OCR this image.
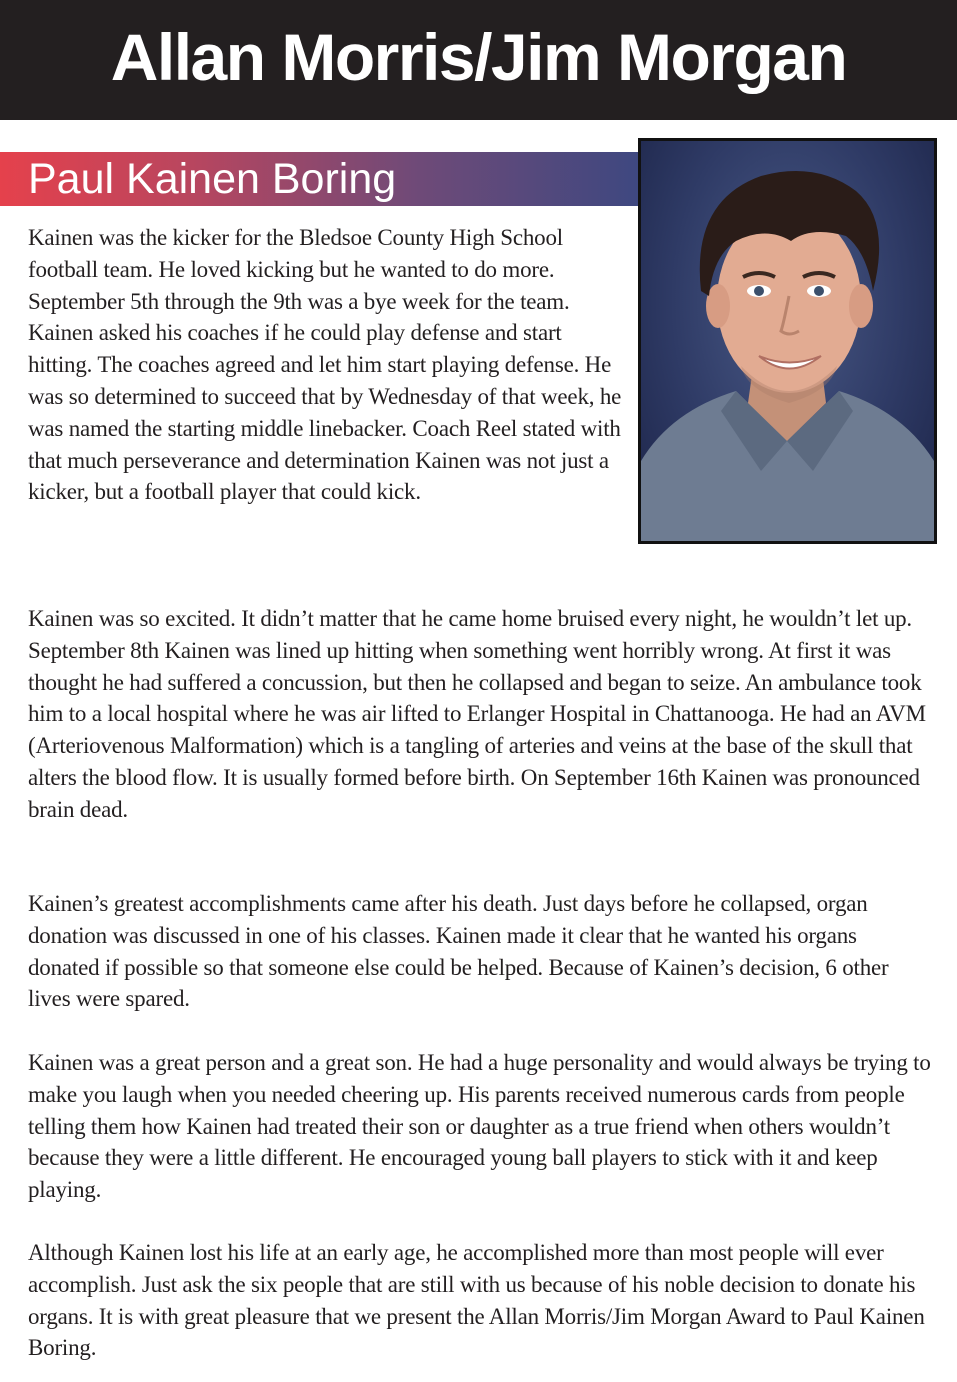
Allan Morris/Jim Morgan
Paul Kainen Boring

Kainen was the kicker for the Bledsoe County High School football team. He loved kicking but he wanted to do more. September 5th through the 9th was a bye week for the team. Kainen asked his coaches if he could play defense and start hitting. The coaches agreed and let him start playing defense. He was so determined to succeed that by Wednesday of that week, he was named the starting middle linebacker. Coach Reel stated with that much perseverance and determination Kainen was not just a kicker, but a football player that could kick.

Kainen was so excited. It didn’t matter that he came home bruised every night, he wouldn’t let up. September 8th Kainen was lined up hitting when something went horribly wrong. At first it was thought he had suffered a concussion, but then he collapsed and began to seize. An ambulance took him to a local hospital where he was air lifted to Erlanger Hospital in Chattanooga. He had an AVM (Arteriovenous Malformation) which is a tangling of arteries and veins at the base of the skull that alters the blood flow. It is usually formed before birth. On September 16th Kainen was pronounced brain dead.

Kainen’s greatest accomplishments came after his death. Just days before he collapsed, organ donation was discussed in one of his classes. Kainen made it clear that he wanted his organs donated if possible so that someone else could be helped. Because of Kainen’s decision, 6 other lives were spared.

Kainen was a great person and a great son. He had a huge personality and would always be trying to make you laugh when you needed cheering up. His parents received numerous cards from people telling them how Kainen had treated their son or daughter as a true friend when others wouldn’t because they were a little different. He encouraged young ball players to stick with it and keep playing.

Although Kainen lost his life at an early age, he accomplished more than most people will ever accomplish. Just ask the six people that are still with us because of his noble decision to donate his organs. It is with great pleasure that we present the Allan Morris/Jim Morgan Award to Paul Kainen Boring.
